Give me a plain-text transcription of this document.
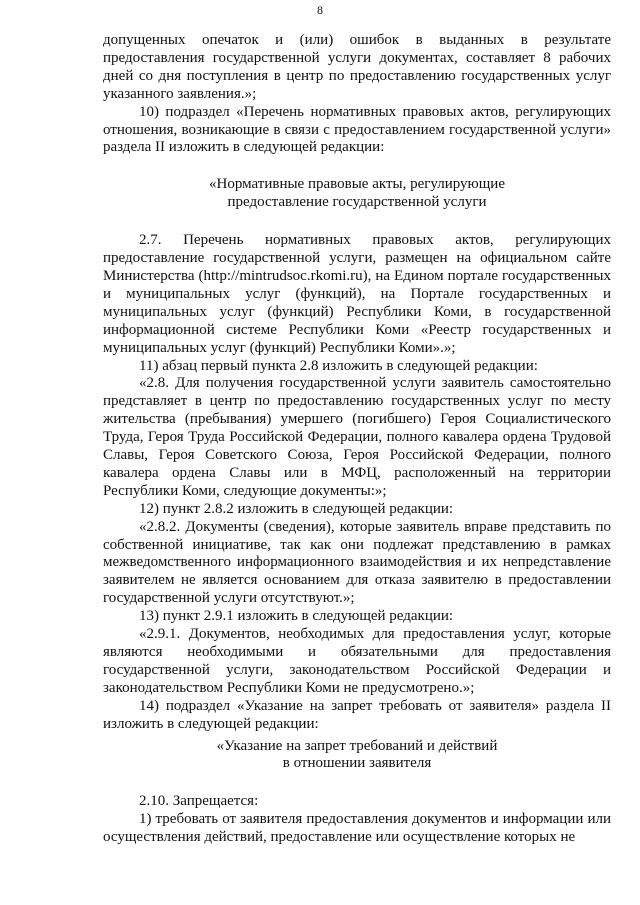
8

допущенных опечаток и (или) ошибок в выданных в результате предоставления государственной услуги документах, составляет 8 рабочих дней со дня поступления в центр по предоставлению государственных услуг указанного заявления.»;

10) подраздел «Перечень нормативных правовых актов, регулирующих отношения, возникающие в связи с предоставлением государственной услуги» раздела II изложить в следующей редакции:

«Нормативные правовые акты, регулирующие

предоставление государственной услуги

2.7. Перечень нормативных правовых актов, регулирующих предоставление государственной услуги, размещен на официальном сайте Министерства (http://mintrudsoc.rkomi.ru), на Едином портале государственных и муниципальных услуг (функций), на Портале государственных и муниципальных услуг (функций) Республики Коми, в государственной информационной системе Республики Коми «Реестр государственных и муниципальных услуг (функций) Республики Коми».»;

11) абзац первый пункта 2.8 изложить в следующей редакции:

«2.8. Для получения государственной услуги заявитель самостоятельно представляет в центр по предоставлению государственных услуг по месту жительства (пребывания) умершего (погибшего) Героя Социалистического Труда, Героя Труда Российской Федерации, полного кавалера ордена Трудовой Славы, Героя Советского Союза, Героя Российской Федерации, полного кавалера ордена Славы или в МФЦ, расположенный на территории Республики Коми, следующие документы:»;

12) пункт 2.8.2 изложить в следующей редакции:

«2.8.2. Документы (сведения), которые заявитель вправе представить по собственной инициативе, так как они подлежат представлению в рамках межведомственного информационного взаимодействия и их непредставление заявителем не является основанием для отказа заявителю в предоставлении государственной услуги отсутствуют.»;

13) пункт 2.9.1 изложить в следующей редакции:

«2.9.1. Документов, необходимых для предоставления услуг, которые являются необходимыми и обязательными для предоставления государственной услуги, законодательством Российской Федерации и законодательством Республики Коми не предусмотрено.»;

14) подраздел «Указание на запрет требовать от заявителя» раздела II изложить в следующей редакции:

«Указание на запрет требований и действий

в отношении заявителя

2.10. Запрещается:

1) требовать от заявителя предоставления документов и информации или осуществления действий, предоставление или осуществление которых не
